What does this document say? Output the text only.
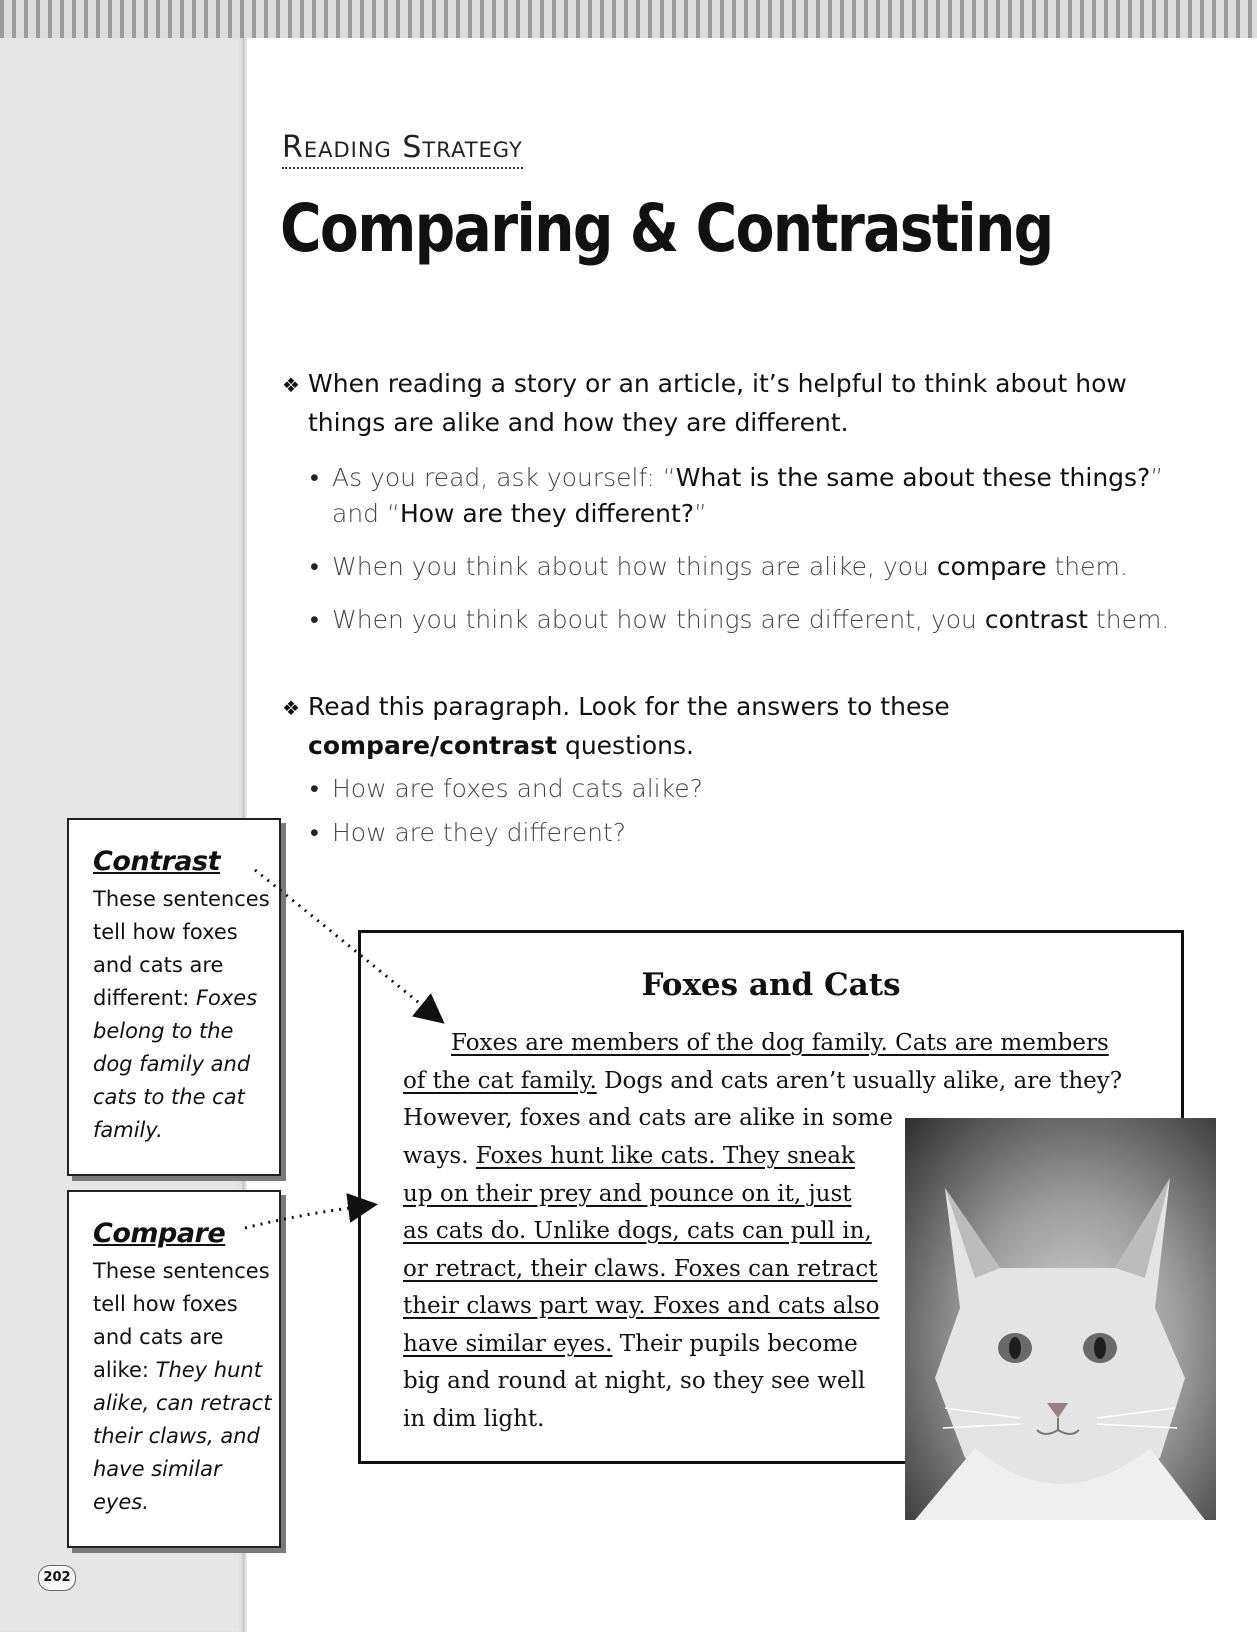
Reading Strategy
Comparing & Contrasting

❖ When reading a story or an article, it’s helpful to think about how things are alike and how they are different.

• As you read, ask yourself: “What is the same about these things?” and “How are they different?”
• When you think about how things are alike, you compare them.
• When you think about how things are different, you contrast them.

❖ Read this paragraph. Look for the answers to these compare/contrast questions.

• How are foxes and cats alike?
• How are they different?
Contrast
These sentences tell how foxes and cats are different: Foxes belong to the dog family and cats to the cat family.
Compare
These sentences tell how foxes and cats are alike: They hunt alike, can retract their claws, and have similar eyes.
Foxes and Cats
Foxes are members of the dog family. Cats are members
of the cat family. Dogs and cats aren’t usually alike, are they?
However, foxes and cats are alike in some
ways. Foxes hunt like cats. They sneak
up on their prey and pounce on it, just
as cats do. Unlike dogs, cats can pull in,
or retract, their claws. Foxes can retract
their claws part way. Foxes and cats also
have similar eyes. Their pupils become
big and round at night, so they see well
in dim light.
202
